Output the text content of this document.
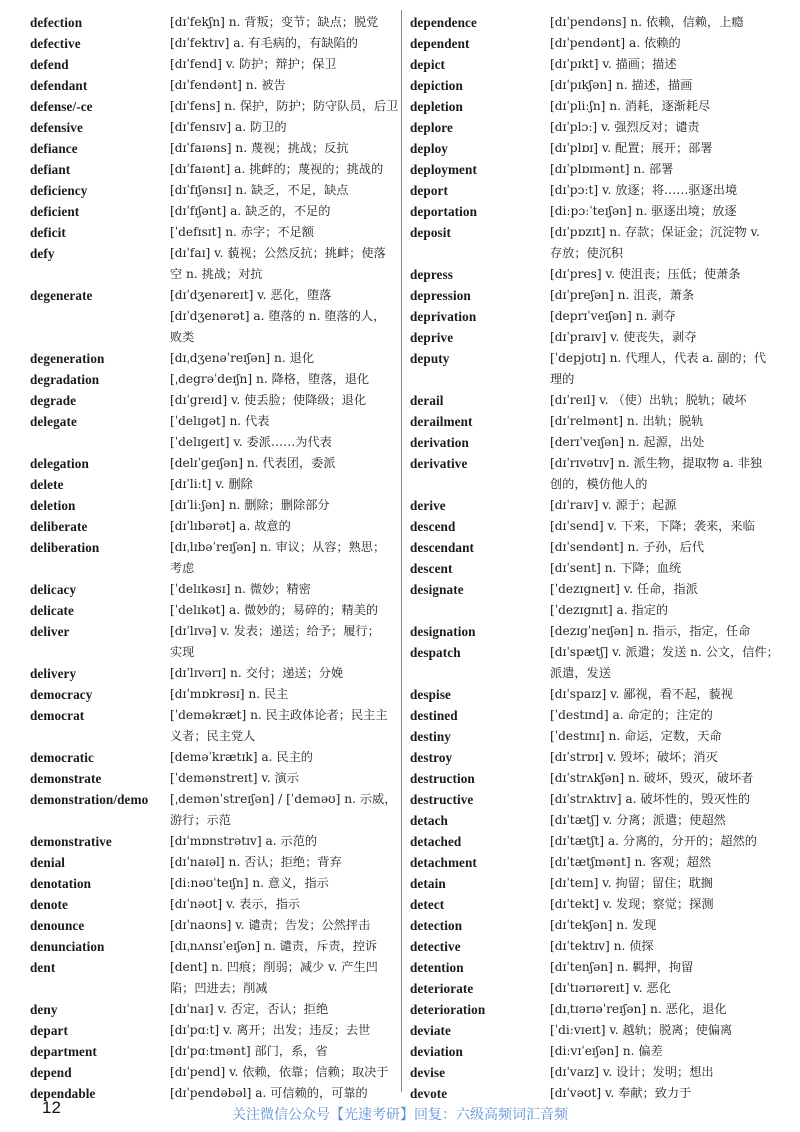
defection	[dɪˈfekʃn] n. 背叛；变节；缺点；脱党
defective	[dɪˈfektɪv] a. 有毛病的，有缺陷的
defend	[dɪˈfend] v. 防护；辩护；保卫
defendant	[dɪˈfendənt] n. 被告
defense/-ce	[dɪˈfens] n. 保护，防护；防守队员，后卫
defensive	[dɪˈfensɪv] a. 防卫的
defiance	[dɪˈfaɪəns] n. 蔑视；挑战；反抗
defiant	[dɪˈfaɪənt] a. 挑衅的；蔑视的；挑战的
deficiency	[dɪˈfɪʃənsɪ] n. 缺乏，不足，缺点
deficient	[dɪˈfɪʃənt] a. 缺乏的，不足的
deficit	[ˈdefɪsɪt] n. 赤字；不足额
defy	[dɪˈfaɪ] v. 藐视；公然反抗；挑衅；使落
空 n. 挑战；对抗
degenerate	[dɪˈdʒenəreɪt] v. 恶化，堕落
[dɪˈdʒenərət] a. 堕落的 n. 堕落的人，
败类
degeneration	[dɪˌdʒenəˈreɪʃən] n. 退化
degradation	[ˌdegrəˈdeɪʃn] n. 降格，堕落，退化
degrade	[dɪˈgreɪd] v. 使丢脸；使降级；退化
delegate	[ˈdelɪgət] n. 代表
[ˈdelɪgeɪt] v. 委派……为代表
delegation	[delɪˈgeɪʃən] n. 代表团，委派
delete	[dɪˈliːt] v. 删除
deletion	[dɪˈliːʃən] n. 删除；删除部分
deliberate	[dɪˈlɪbərət] a. 故意的
deliberation	[dɪˌlɪbəˈreɪʃən] n. 审议；从容；熟思；
考虑
delicacy	[ˈdelɪkəsɪ] n. 微妙；精密
delicate	[ˈdelɪkət] a. 微妙的；易碎的；精美的
deliver	[dɪˈlɪvə] v. 发表；递送；给予；履行；
实现
delivery	[dɪˈlɪvərɪ] n. 交付；递送；分娩
democracy	[dɪˈmɒkrəsɪ] n. 民主
democrat	[ˈdeməkræt] n. 民主政体论者；民主主
义者；民主党人
democratic	[deməˈkrætɪk] a. 民主的
demonstrate	[ˈdemənstreɪt] v. 演示
demonstration/demo	[ˌdemənˈstreɪʃən] / [ˈdeməʊ] n. 示威，
游行；示范
demonstrative	[dɪˈmɒnstrətɪv] a. 示范的
denial	[dɪˈnaɪəl] n. 否认；拒绝；背弃
denotation	[diːnəʊˈteɪʃn] n. 意义，指示
denote	[dɪˈnəʊt] v. 表示，指示
denounce	[dɪˈnaʊns] v. 谴责；告发；公然抨击
denunciation	[dɪˌnʌnsɪˈeɪʃən] n. 谴责，斥责，控诉
dent	[dent] n. 凹痕；削弱；减少 v. 产生凹
陷；凹进去；削减
deny	[dɪˈnaɪ] v. 否定，否认；拒绝
depart	[dɪˈpɑːt] v. 离开；出发；违反；去世
department	[dɪˈpɑːtmənt] 部门，系，省
depend	[dɪˈpend] v. 依赖，依靠；信赖；取决于
dependable	[dɪˈpendəbəl] a. 可信赖的，可靠的
dependence	[dɪˈpendəns] n. 依赖，信赖，上瘾
dependent	[dɪˈpendənt] a. 依赖的
depict	[dɪˈpɪkt] v. 描画；描述
depiction	[dɪˈpɪkʃən] n. 描述，描画
depletion	[dɪˈpliːʃn] n. 消耗，逐渐耗尽
deplore	[dɪˈplɔː] v. 强烈反对；谴责
deploy	[dɪˈplɒɪ] v. 配置；展开；部署
deployment	[dɪˈplɒɪmənt] n. 部署
deport	[dɪˈpɔːt] v. 放逐；将……驱逐出境
deportation	[diːpɔːˈteɪʃən] n. 驱逐出境；放逐
deposit	[dɪˈpɒzɪt] n. 存款；保证金；沉淀物 v.
存放；使沉积
depress	[dɪˈpres] v. 使沮丧；压低；使萧条
depression	[dɪˈpreʃən] n. 沮丧，萧条
deprivation	[deprɪˈveɪʃən] n. 剥夺
deprive	[dɪˈpraɪv] v. 使丧失，剥夺
deputy	[ˈdepjʊtɪ] n. 代理人，代表 a. 副的；代
理的
derail	[dɪˈreɪl] v. （使）出轨；脱轨；破坏
derailment	[dɪˈrelmənt] n. 出轨；脱轨
derivation	[derɪˈveɪʃən] n. 起源，出处
derivative	[dɪˈrɪvətɪv] n. 派生物，提取物 a. 非独
创的，模仿他人的
derive	[dɪˈraɪv] v. 源于；起源
descend	[dɪˈsend] v. 下来，下降；袭来，来临
descendant	[dɪˈsendənt] n. 子孙，后代
descent	[dɪˈsent] n. 下降；血统
designate	[ˈdezɪgneɪt] v. 任命，指派
[ˈdezɪgnɪt] a. 指定的
designation	[dezɪgˈneɪʃən] n. 指示，指定，任命
despatch	[dɪˈspætʃ] v. 派遣；发送 n. 公文，信件；
派遣，发送
despise	[dɪˈspaɪz] v. 鄙视，看不起，藐视
destined	[ˈdestɪnd] a. 命定的；注定的
destiny	[ˈdestɪnɪ] n. 命运，定数，天命
destroy	[dɪˈstrɒɪ] v. 毁坏；破坏；消灭
destruction	[dɪˈstrʌkʃən] n. 破坏，毁灭，破坏者
destructive	[dɪˈstrʌktɪv] a. 破坏性的，毁灭性的
detach	[dɪˈtætʃ] v. 分离；派遣；使超然
detached	[dɪˈtætʃt] a. 分离的，分开的；超然的
detachment	[dɪˈtætʃmənt] n. 客观；超然
detain	[dɪˈteɪn] v. 拘留；留住；耽搁
detect	[dɪˈtekt] v. 发现；察觉；探测
detection	[dɪˈtekʃən] n. 发现
detective	[dɪˈtektɪv] n. 侦探
detention	[dɪˈtenʃən] n. 羁押，拘留
deteriorate	[dɪˈtɪərɪəreɪt] v. 恶化
deterioration	[dɪˌtɪərɪəˈreɪʃən] n. 恶化，退化
deviate	[ˈdiːvɪeɪt] v. 越轨；脱离；使偏离
deviation	[diːvɪˈeɪʃən] n. 偏差
devise	[dɪˈvaɪz] v. 设计；发明；想出
devote	[dɪˈvəʊt] v. 奉献；致力于
12	关注微信公众号【光速考研】回复：六级高频词汇音频
